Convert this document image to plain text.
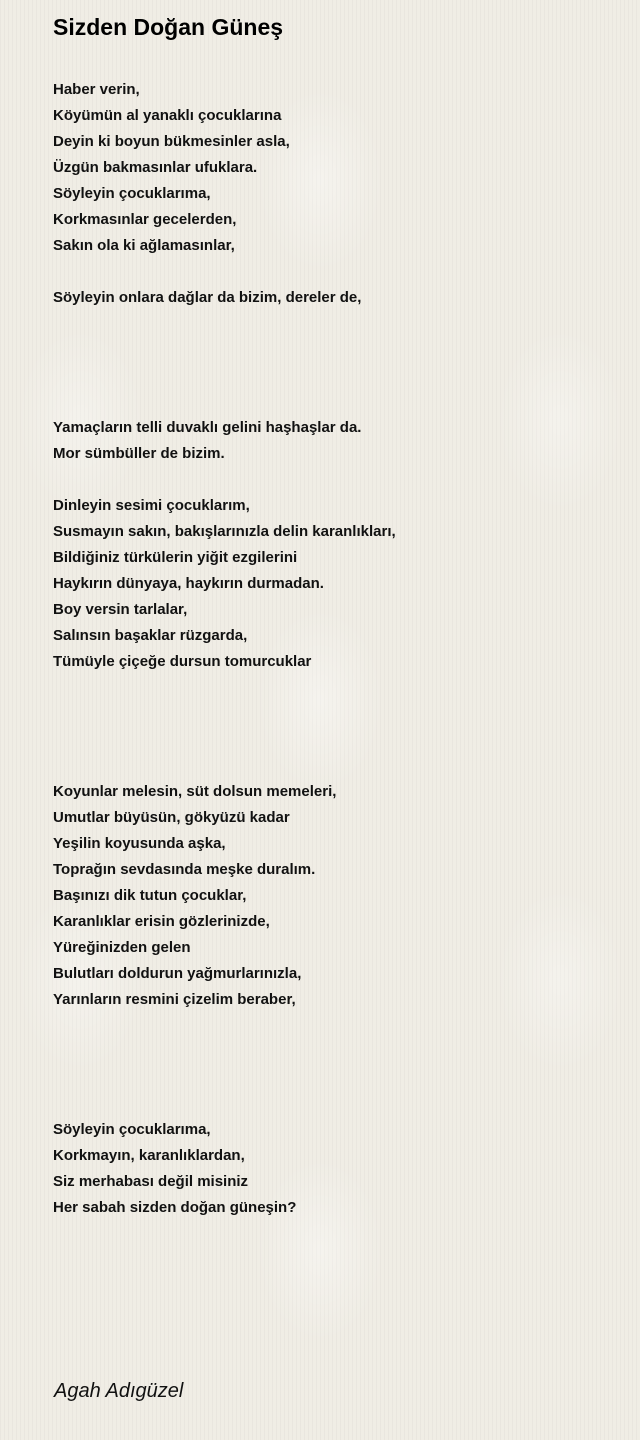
Sizden Doğan Güneş
Haber verin,
Köyümün al yanaklı çocuklarına
Deyin ki boyun bükmesinler asla,
Üzgün bakmasınlar ufuklara.
Söyleyin çocuklarıma,
Korkmasınlar gecelerden,
Sakın ola ki ağlamasınlar,
Söyleyin onlara dağlar da bizim, dereler de,
Yamaçların telli duvaklı gelini haşhaşlar da.
Mor sümbüller de bizim.
Dinleyin sesimi çocuklarım,
Susmayın sakın, bakışlarınızla delin karanlıkları,
Bildiğiniz türkülerin yiğit ezgilerini
Haykırın dünyaya, haykırın durmadan.
Boy versin tarlalar,
Salınsın başaklar rüzgarda,
Tümüyle çiçeğe dursun tomurcuklar
Koyunlar melesin, süt dolsun memeleri,
Umutlar büyüsün, gökyüzü kadar
Yeşilin koyusunda aşka,
Toprağın sevdasında meşke duralım.
Başınızı dik tutun çocuklar,
Karanlıklar erisin gözlerinizde,
Yüreğinizden gelen
Bulutları doldurun yağmurlarınızla,
Yarınların resmini çizelim beraber,
Söyleyin çocuklarıma,
Korkmayın, karanlıklardan,
Siz merhabası değil misiniz
Her sabah sizden doğan güneşin?
Agah Adıgüzel
